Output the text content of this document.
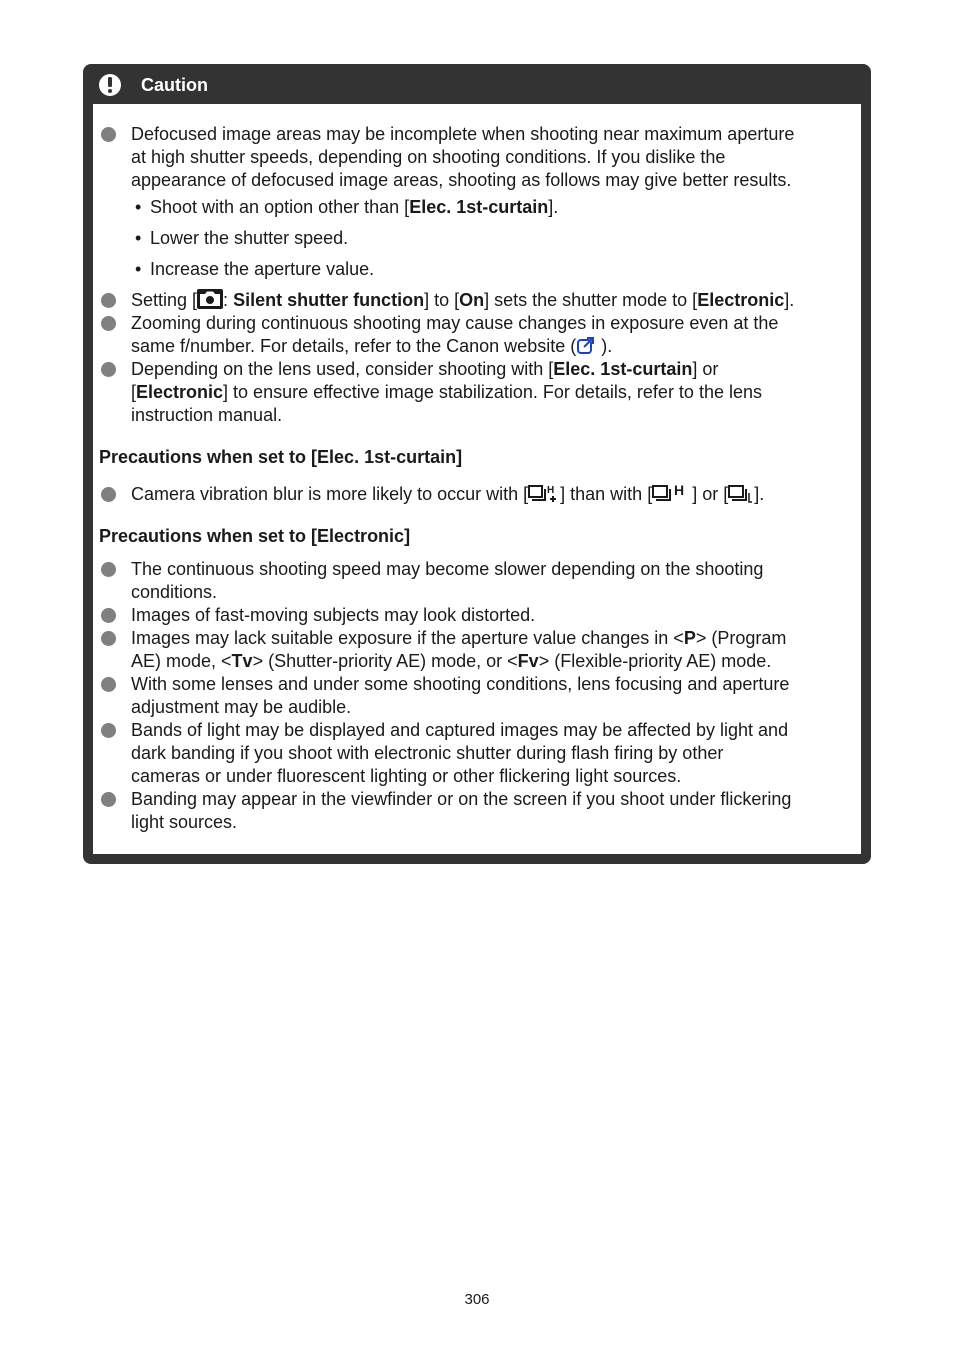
Caution
Defocused image areas may be incomplete when shooting near maximum aperture
at high shutter speeds, depending on shooting conditions. If you dislike the
appearance of defocused image areas, shooting as follows may give better results.
• Shoot with an option other than [Elec. 1st-curtain].
• Lower the shutter speed.
• Increase the aperture value.
Setting [ : Silent shutter function] to [On] sets the shutter mode to [Electronic].
Zooming during continuous shooting may cause changes in exposure even at the
same f/number. For details, refer to the Canon website ( ).
Depending on the lens used, consider shooting with [Elec. 1st-curtain] or
[Electronic] to ensure effective image stabilization. For details, refer to the lens
instruction manual.
Precautions when set to [Elec. 1st-curtain]
Camera vibration blur is more likely to occur with [ H ] than with [ H ] or [ ].
Precautions when set to [Electronic]
The continuous shooting speed may become slower depending on the shooting
conditions.
Images of fast-moving subjects may look distorted.
Images may lack suitable exposure if the aperture value changes in <P> (Program
AE) mode, <Tv> (Shutter-priority AE) mode, or <Fv> (Flexible-priority AE) mode.
With some lenses and under some shooting conditions, lens focusing and aperture
adjustment may be audible.
Bands of light may be displayed and captured images may be affected by light and
dark banding if you shoot with electronic shutter during flash firing by other
cameras or under fluorescent lighting or other flickering light sources.
Banding may appear in the viewfinder or on the screen if you shoot under flickering
light sources.
306
